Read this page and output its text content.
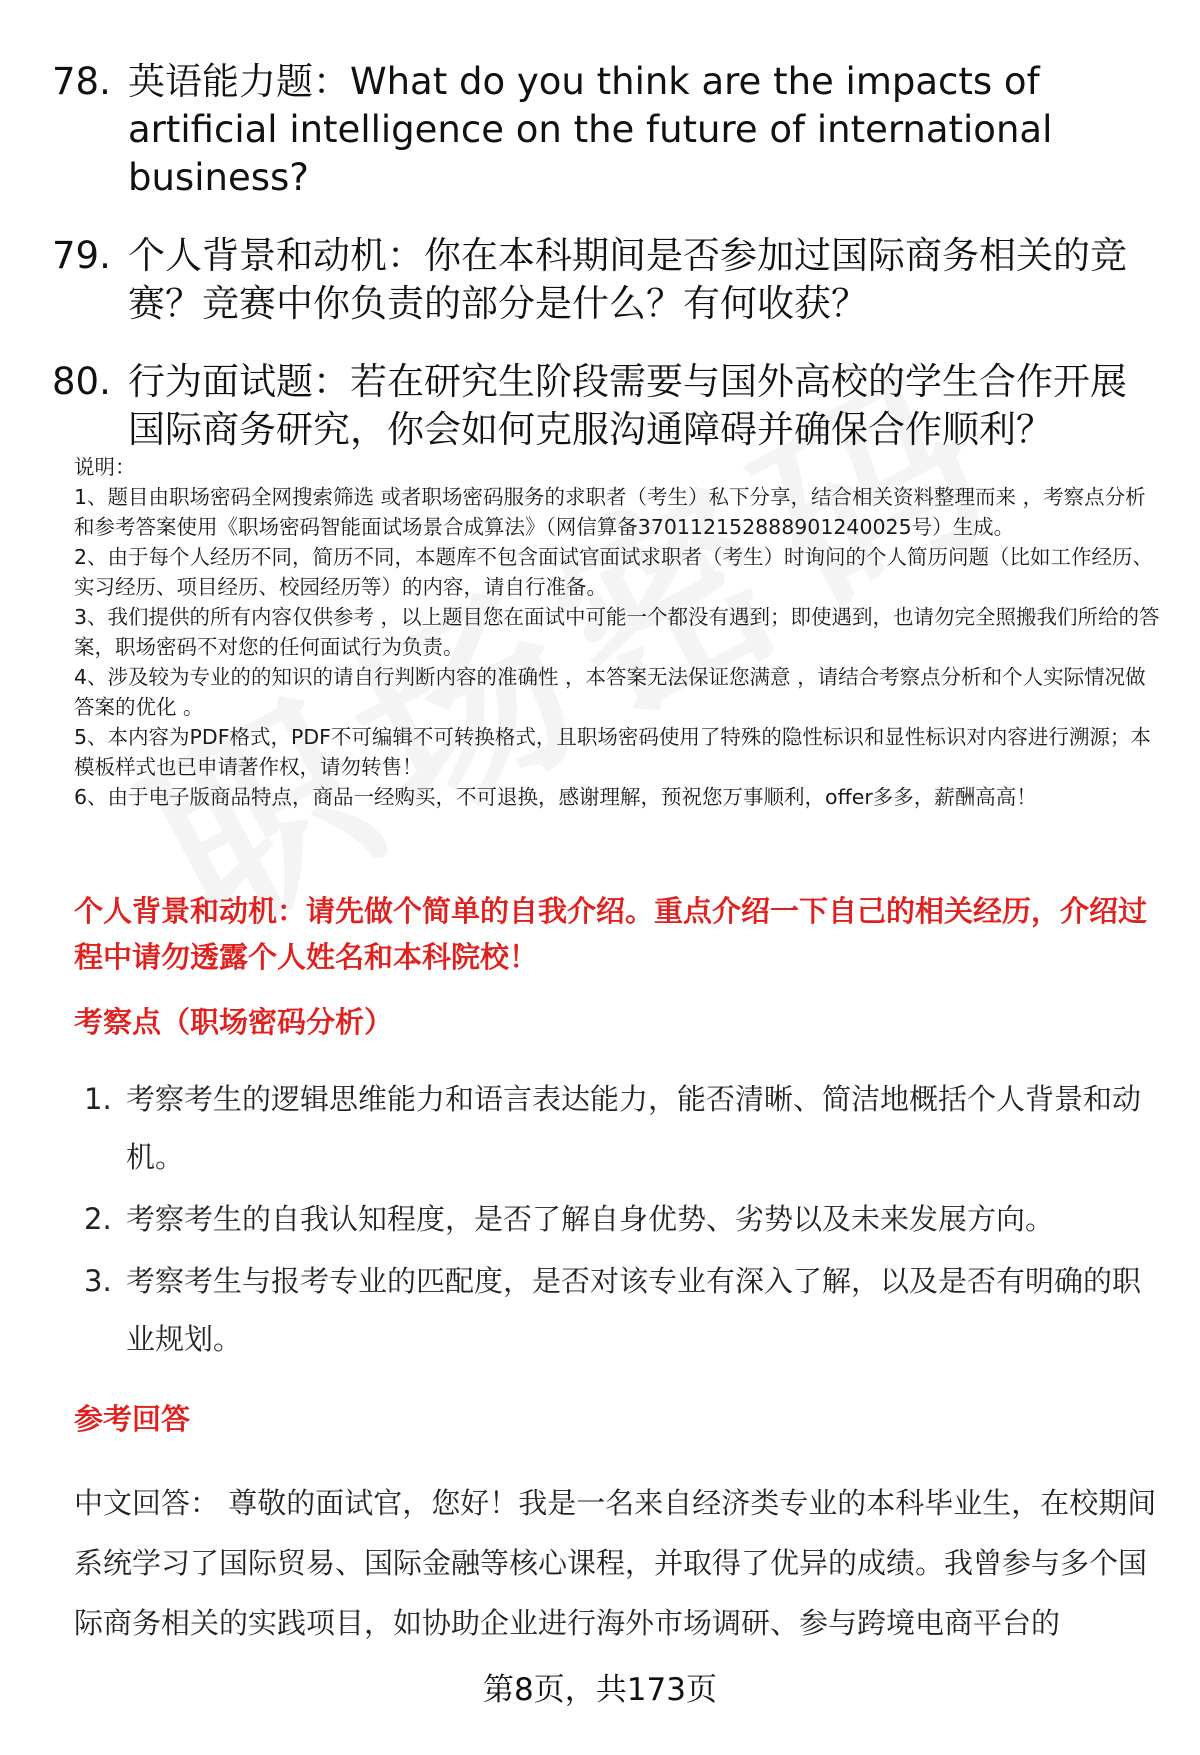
78. 英语能力题：What do you think are the impacts of artificial intelligence on the future of international business?
79. 个人背景和动机：你在本科期间是否参加过国际商务相关的竞赛？竞赛中你负责的部分是什么？有何收获？
80. 行为面试题：若在研究生阶段需要与国外高校的学生合作开展国际商务研究，你会如何克服沟通障碍并确保合作顺利？
说明：
1、题目由职场密码全网搜索筛选 或者职场密码服务的求职者（考生）私下分享，结合相关资料整理而来 ，考察点分析和参考答案使用《职场密码智能面试场景合成算法》（网信算备370112152888901240025号）生成。
2、由于每个人经历不同，简历不同，本题库不包含面试官面试求职者（考生）时询问的个人简历问题（比如工作经历、实习经历、项目经历、校园经历等）的内容，请自行准备。
3、我们提供的所有内容仅供参考 ，以上题目您在面试中可能一个都没有遇到；即使遇到，也请勿完全照搬我们所给的答案，职场密码不对您的任何面试行为负责。
4、涉及较为专业的的知识的请自行判断内容的准确性 ，本答案无法保证您满意 ，请结合考察点分析和个人实际情况做答案的优化 。
5、本内容为PDF格式，PDF不可编辑不可转换格式，且职场密码使用了特殊的隐性标识和显性标识对内容进行溯源；本模板样式也已申请著作权，请勿转售！
6、由于电子版商品特点，商品一经购买，不可退换，感谢理解，预祝您万事顺利，offer多多，薪酬高高！
个人背景和动机：请先做个简单的自我介绍。重点介绍一下自己的相关经历，介绍过程中请勿透露个人姓名和本科院校！
考察点（职场密码分析）
1. 考察考生的逻辑思维能力和语言表达能力，能否清晰、简洁地概括个人背景和动机。
2. 考察考生的自我认知程度，是否了解自身优势、劣势以及未来发展方向。
3. 考察考生与报考专业的匹配度，是否对该专业有深入了解，以及是否有明确的职业规划。
参考回答
中文回答： 尊敬的面试官，您好！我是一名来自经济类专业的本科毕业生，在校期间系统学习了国际贸易、国际金融等核心课程，并取得了优异的成绩。我曾参与多个国际商务相关的实践项目，如协助企业进行海外市场调研、参与跨境电商平台的
第8页，共173页
